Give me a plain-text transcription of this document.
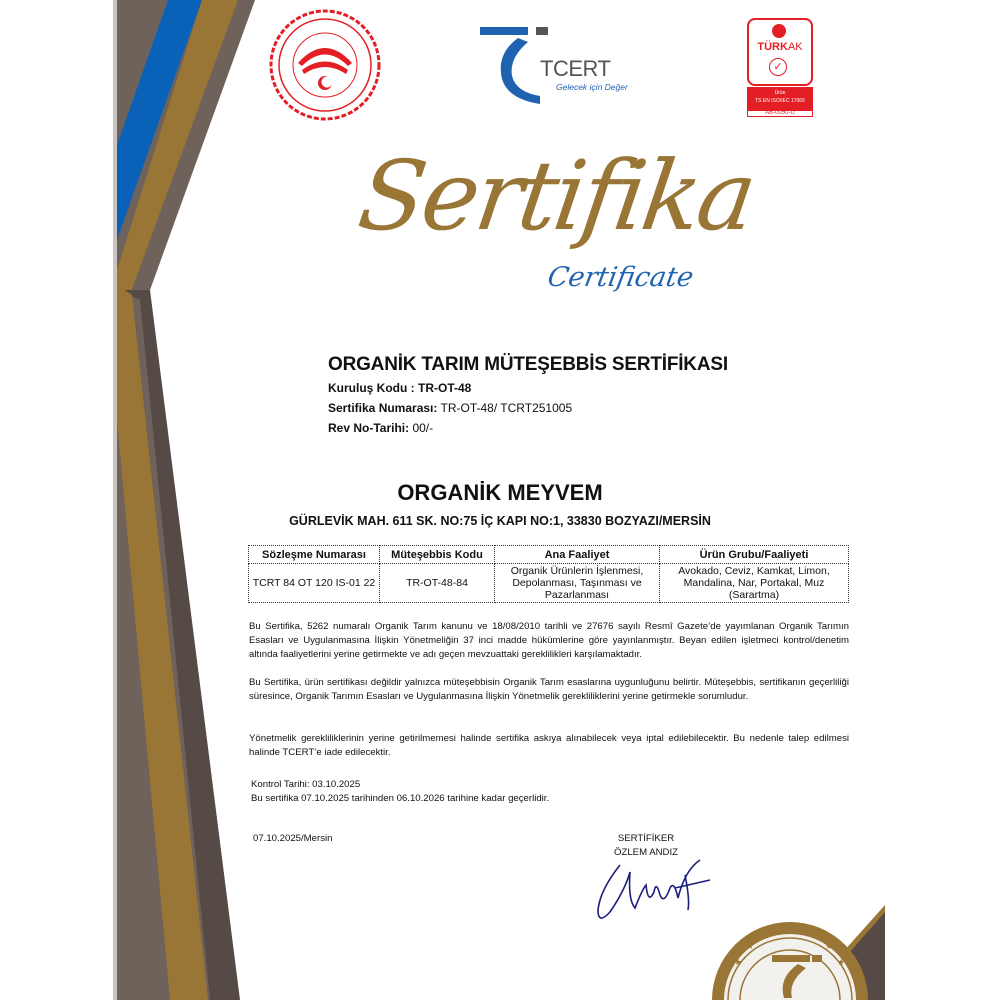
TCERT
Gelecek için Değer
TÜRKAK
✓
Ürün
TS EN ISO/IEC 17065
AB-0050-U
Sertifika
Certificate
ORGANİK TARIM MÜTEŞEBBİS SERTİFİKASI
Kuruluş Kodu : TR-OT-48
Sertifika Numarası: TR-OT-48/ TCRT251005
Rev No-Tarihi: 00/-
ORGANİK MEYVEM
GÜRLEVİK MAH. 611 SK. NO:75 İÇ KAPI NO:1, 33830 BOZYAZI/MERSİN
Sözleşme Numarası	Müteşebbis Kodu	Ana Faaliyet	Ürün Grubu/Faaliyeti
TCRT 84 OT 120 IS-01 22	TR-OT-48-84	Organik Ürünlerin İşlenmesi, Depolanması, Taşınması ve Pazarlanması	Avokado, Ceviz, Kamkat, Limon, Mandalina, Nar, Portakal, Muz (Sarartma)
Bu Sertifika, 5262 numaralı Organik Tarım kanunu ve 18/08/2010 tarihli ve 27676 sayılı Resmî Gazete’de yayımlanan Organik Tarımın Esasları ve Uygulanmasına İlişkin Yönetmeliğin 37 inci madde hükümlerine göre yayınlanmıştır. Beyan edilen işletmeci kontrol/denetim altında faaliyetlerini yerine getirmekte ve adı geçen mevzuattaki gereklilikleri karşılamaktadır.
Bu Sertifika, ürün sertifikası değildir yalnızca müteşebbisin Organik Tarım esaslarına uygunluğunu belirtir. Müteşebbis, sertifikanın geçerliliği süresince, Organik Tarımın Esasları ve Uygulanmasına İlişkin Yönetmelik gerekliliklerini yerine getirmekle sorumludur.
Yönetmelik gerekliliklerinin yerine getirilmemesi halinde sertifika askıya alınabilecek veya iptal edilebilecektir. Bu nedenle talep edilmesi halinde TCERT’e iade edilecektir.
Kontrol Tarihi: 03.10.2025
Bu sertifika 07.10.2025 tarihinden 06.10.2026 tarihine kadar geçerlidir.
07.10.2025/Mersin	SERTİFİKER
ÖZLEM ANDIZ
★
★	★
★	★
★	★
